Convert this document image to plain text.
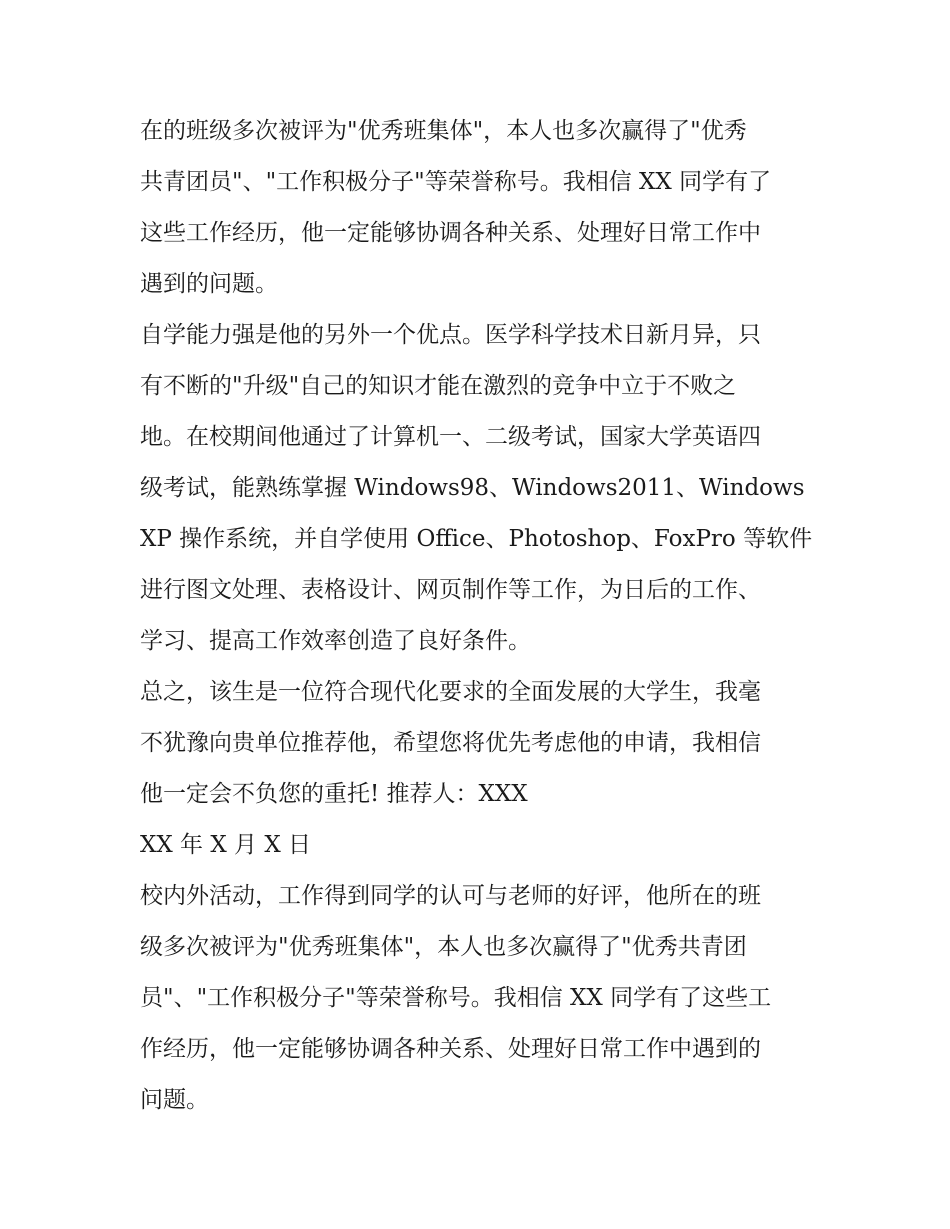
在的班级多次被评为"优秀班集体"，本人也多次赢得了"优秀
共青团员"、"工作积极分子"等荣誉称号。我相信 XX 同学有了
这些工作经历，他一定能够协调各种关系、处理好日常工作中
遇到的问题。
自学能力强是他的另外一个优点。医学科学技术日新月异，只
有不断的"升级"自己的知识才能在激烈的竞争中立于不败之
地。在校期间他通过了计算机一、二级考试，国家大学英语四
级考试，能熟练掌握 Windows98、Windows2011、Windows
XP 操作系统，并自学使用 Office、Photoshop、FoxPro 等软件
进行图文处理、表格设计、网页制作等工作，为日后的工作、
学习、提高工作效率创造了良好条件。
总之，该生是一位符合现代化要求的全面发展的大学生，我毫
不犹豫向贵单位推荐他，希望您将优先考虑他的申请，我相信
他一定会不负您的重托! 推荐人：XXX
XX 年 X 月 X 日
校内外活动，工作得到同学的认可与老师的好评，他所在的班
级多次被评为"优秀班集体"，本人也多次赢得了"优秀共青团
员"、"工作积极分子"等荣誉称号。我相信 XX 同学有了这些工
作经历，他一定能够协调各种关系、处理好日常工作中遇到的
问题。
